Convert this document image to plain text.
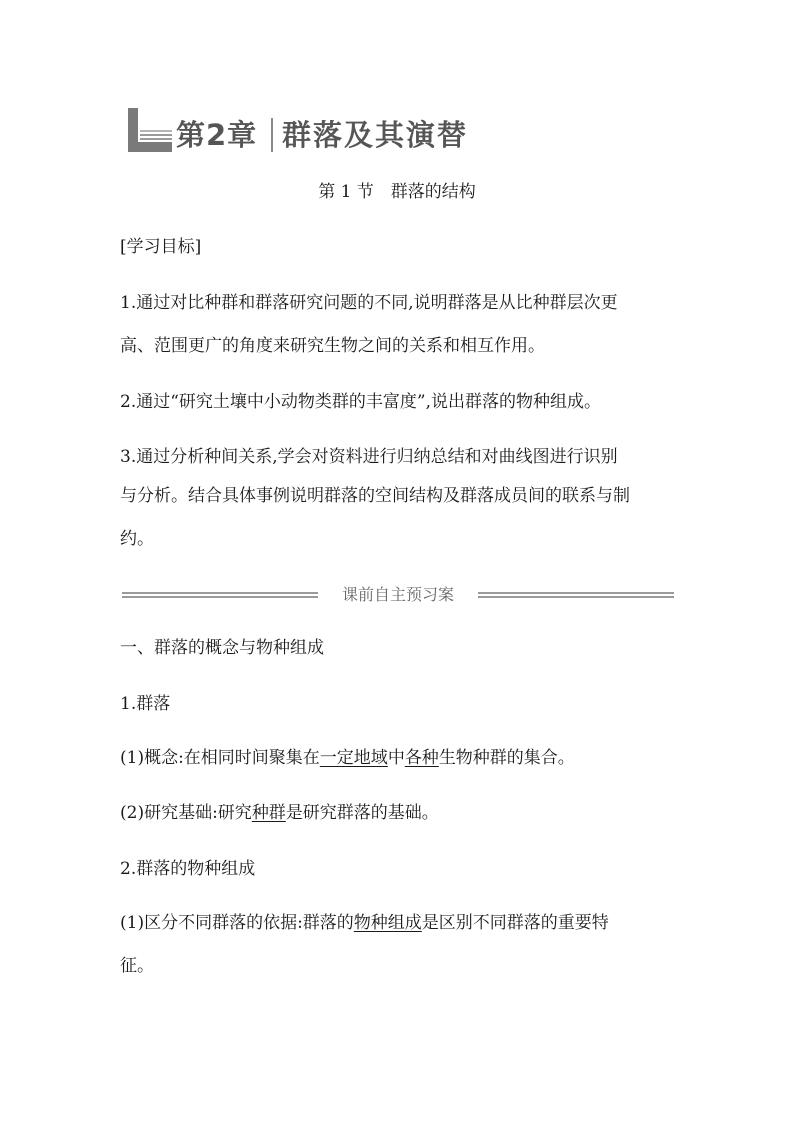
第2章 群落及其演替
第 1 节　群落的结构
[学习目标]
1.通过对比种群和群落研究问题的不同,说明群落是从比种群层次更
高、范围更广的角度来研究生物之间的关系和相互作用。
2.通过“研究土壤中小动物类群的丰富度”,说出群落的物种组成。
3.通过分析种间关系,学会对资料进行归纳总结和对曲线图进行识别
与分析。结合具体事例说明群落的空间结构及群落成员间的联系与制
约。
课前自主预习案
一、群落的概念与物种组成
1.群落
(1)概念:在相同时间聚集在一定地域中各种生物种群的集合。
(2)研究基础:研究种群是研究群落的基础。
2.群落的物种组成
(1)区分不同群落的依据:群落的物种组成是区别不同群落的重要特
征。
